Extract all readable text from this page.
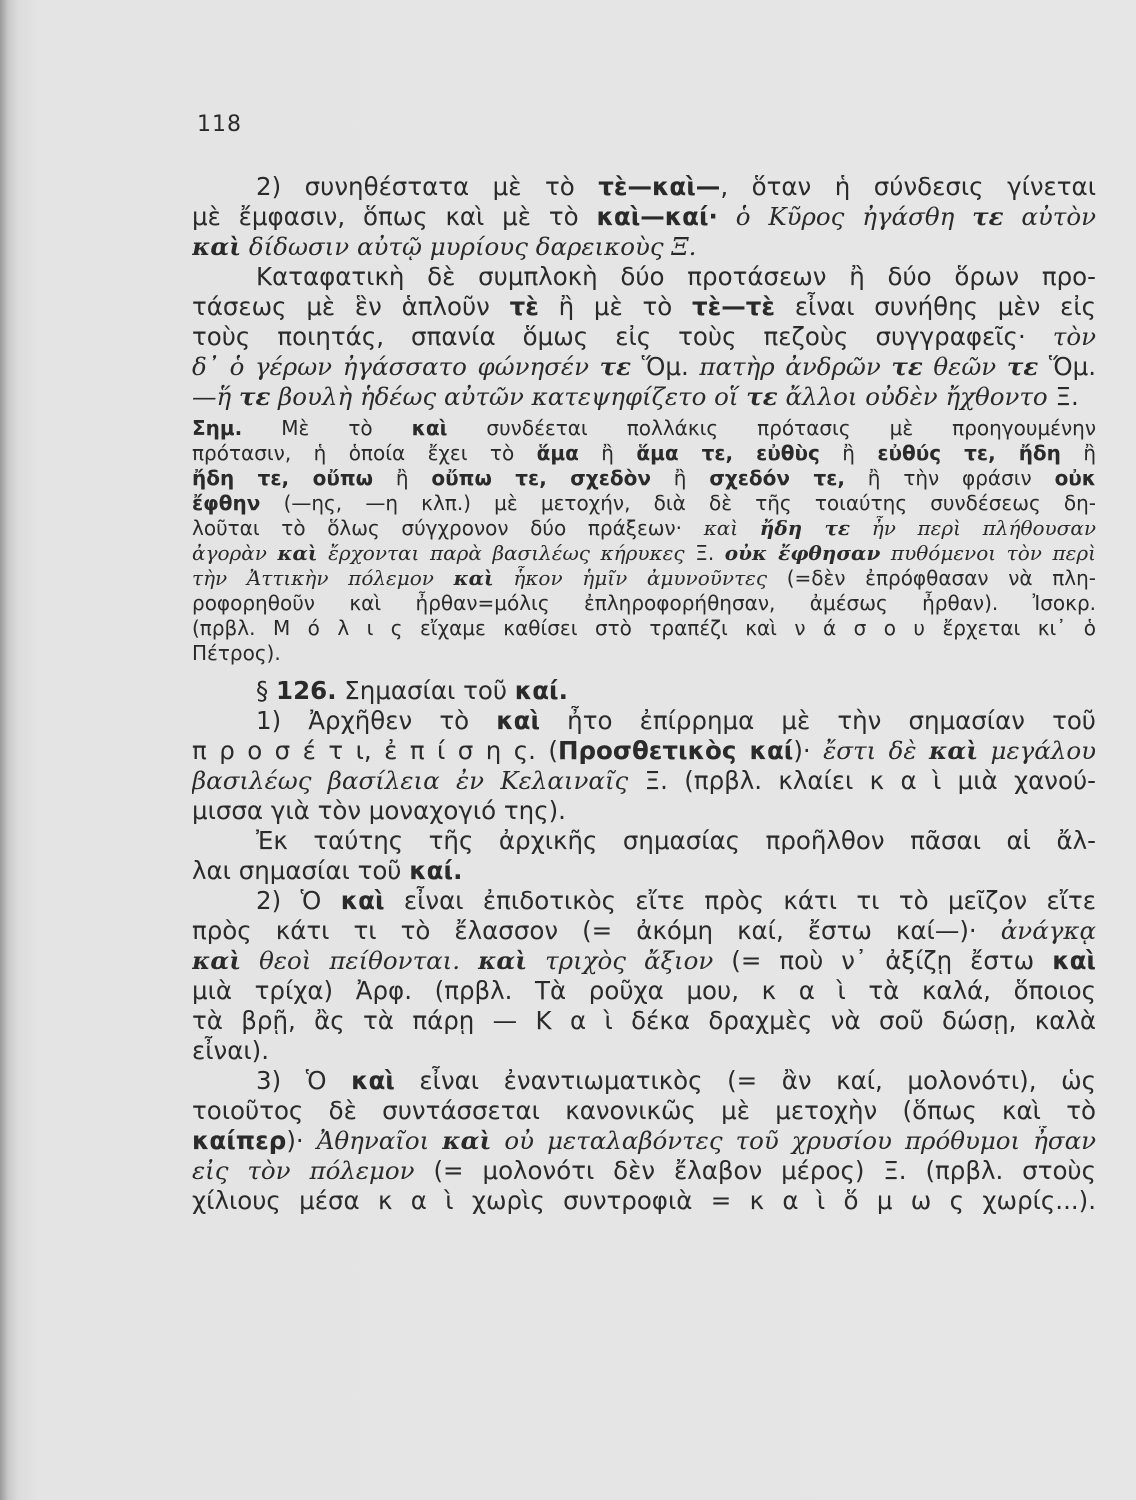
118
2) συνηθέστατα μὲ τὸ τὲ—καὶ—, ὅταν ἡ σύνδεσις γίνεται
μὲ ἔμφασιν, ὅπως καὶ μὲ τὸ καὶ—καί· ὁ Κῦρος ἠγάσθη τε αὐτὸν
καὶ δίδωσιν αὐτῷ μυρίους δαρεικοὺς Ξ.
Καταφατικὴ δὲ συμπλοκὴ δύο προτάσεων ἢ δύο ὅρων προ-
τάσεως μὲ ἓν ἁπλοῦν τὲ ἢ μὲ τὸ τὲ—τὲ εἶναι συνήθης μὲν εἰς
τοὺς ποιητάς, σπανία ὅμως εἰς τοὺς πεζοὺς συγγραφεῖς· τὸν
δ᾽ ὁ γέρων ἠγάσσατο φώνησέν τε Ὅμ. πατὴρ ἀνδρῶν τε θεῶν τε Ὅμ.
—ἥ τε βουλὴ ἡδέως αὐτῶν κατεψηφίζετο οἵ τε ἄλλοι οὐδὲν ἤχθοντο Ξ.
Σημ. Μὲ τὸ καὶ συνδέεται πολλάκις πρότασις μὲ προηγουμένην
πρότασιν, ἡ ὁποία ἔχει τὸ ἅμα ἢ ἅμα τε, εὐθὺς ἢ εὐθύς τε, ἤδη ἢ
ἤδη τε, οὔπω ἢ οὔπω τε, σχεδὸν ἢ σχεδόν τε, ἢ τὴν φράσιν οὐκ
ἔφθην (—ης, —η κλπ.) μὲ μετοχήν, διὰ δὲ τῆς τοιαύτης συνδέσεως δη-
λοῦται τὸ ὅλως σύγχρονον δύο πράξεων· καὶ ἤδη τε ἦν περὶ πλήθουσαν
ἀγορὰν καὶ ἔρχονται παρὰ βασιλέως κήρυκες Ξ. οὐκ ἔφθησαν πυθόμενοι τὸν περὶ
τὴν Ἀττικὴν πόλεμον καὶ ἧκον ἡμῖν ἀμυνοῦντες (=δὲν ἐπρόφθασαν νὰ πλη-
ροφορηθοῦν καὶ ἦρθαν=μόλις ἐπληροφορήθησαν, ἀμέσως ἦρθαν). Ἰσοκρ.
(πρβλ. Μ ό λ ι ς εἴχαμε καθίσει στὸ τραπέζι καὶ ν ά σ ο υ ἔρχεται κι᾽ ὁ
Πέτρος).
§ 126. Σημασίαι τοῦ καί.
1) Ἀρχῆθεν τὸ καὶ ἦτο ἐπίρρημα μὲ τὴν σημασίαν τοῦ
π ρ ο σ έ τ ι, ἐ π ί σ η ς. (Προσθετικὸς καί)· ἔστι δὲ καὶ μεγάλου
βασιλέως βασίλεια ἐν Κελαιναῖς Ξ. (πρβλ. κλαίει κ α ὶ μιὰ χανού-
μισσα γιὰ τὸν μοναχογιό της).
Ἐκ ταύτης τῆς ἀρχικῆς σημασίας προῆλθον πᾶσαι αἱ ἄλ-
λαι σημασίαι τοῦ καί.
2) Ὁ καὶ εἶναι ἐπιδοτικὸς εἴτε πρὸς κάτι τι τὸ μεῖζον εἴτε
πρὸς κάτι τι τὸ ἔλασσον (= ἀκόμη καί, ἔστω καί—)· ἀνάγκᾳ
καὶ θεοὶ πείθονται. καὶ τριχὸς ἄξιον (= ποὺ ν᾽ ἀξίζῃ ἔστω καὶ
μιὰ τρίχα) Ἀρφ. (πρβλ. Τὰ ροῦχα μου, κ α ὶ τὰ καλά, ὅποιος
τὰ βρῇ, ἂς τὰ πάρῃ — Κ α ὶ δέκα δραχμὲς νὰ σοῦ δώσῃ, καλὰ
εἶναι).
3) Ὁ καὶ εἶναι ἐναντιωματικὸς (= ἂν καί, μολονότι), ὡς
τοιοῦτος δὲ συντάσσεται κανονικῶς μὲ μετοχὴν (ὅπως καὶ τὸ
καίπερ)· Ἀθηναῖοι καὶ οὐ μεταλαβόντες τοῦ χρυσίου πρόθυμοι ἦσαν
εἰς τὸν πόλεμον (= μολονότι δὲν ἔλαβον μέρος) Ξ. (πρβλ. στοὺς
χίλιους μέσα κ α ὶ χωρὶς συντροφιὰ = κ α ὶ ὅ μ ω ς χωρίς...).
